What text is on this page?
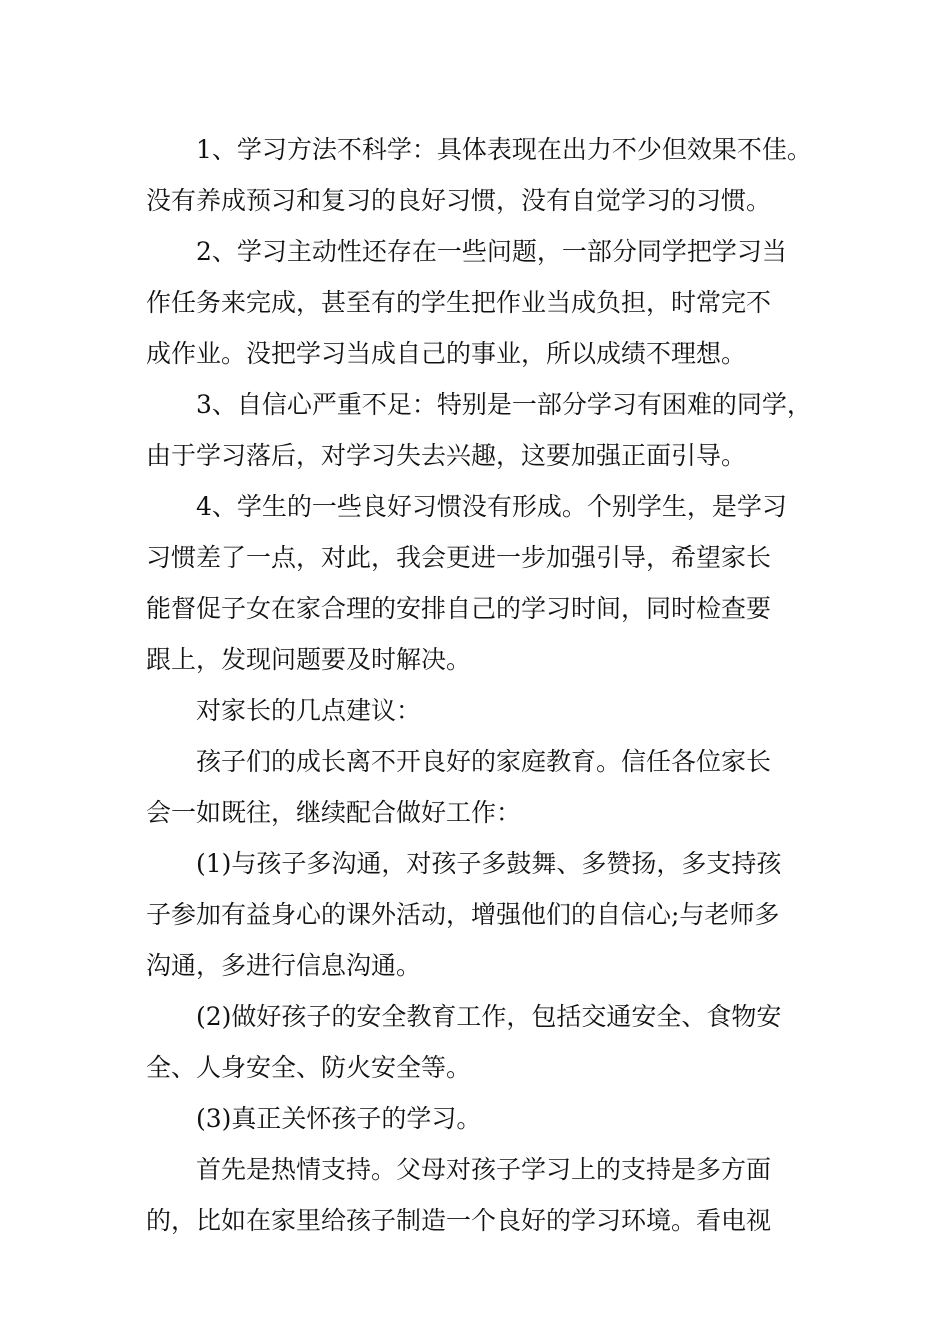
1、学习方法不科学：具体表现在出力不少但效果不佳。
没有养成预习和复习的良好习惯，没有自觉学习的习惯。
2、学习主动性还存在一些问题，一部分同学把学习当
作任务来完成，甚至有的学生把作业当成负担，时常完不
成作业。没把学习当成自己的事业，所以成绩不理想。
3、自信心严重不足：特别是一部分学习有困难的同学，
由于学习落后，对学习失去兴趣，这要加强正面引导。
4、学生的一些良好习惯没有形成。个别学生，是学习
习惯差了一点，对此，我会更进一步加强引导，希望家长
能督促子女在家合理的安排自己的学习时间，同时检查要
跟上，发现问题要及时解决。
对家长的几点建议：
孩子们的成长离不开良好的家庭教育。信任各位家长
会一如既往，继续配合做好工作：
(1)与孩子多沟通，对孩子多鼓舞、多赞扬，多支持孩
子参加有益身心的课外活动，增强他们的自信心;与老师多
沟通，多进行信息沟通。
(2)做好孩子的安全教育工作，包括交通安全、食物安
全、人身安全、防火安全等。
(3)真正关怀孩子的学习。
首先是热情支持。父母对孩子学习上的支持是多方面
的，比如在家里给孩子制造一个良好的学习环境。看电视
